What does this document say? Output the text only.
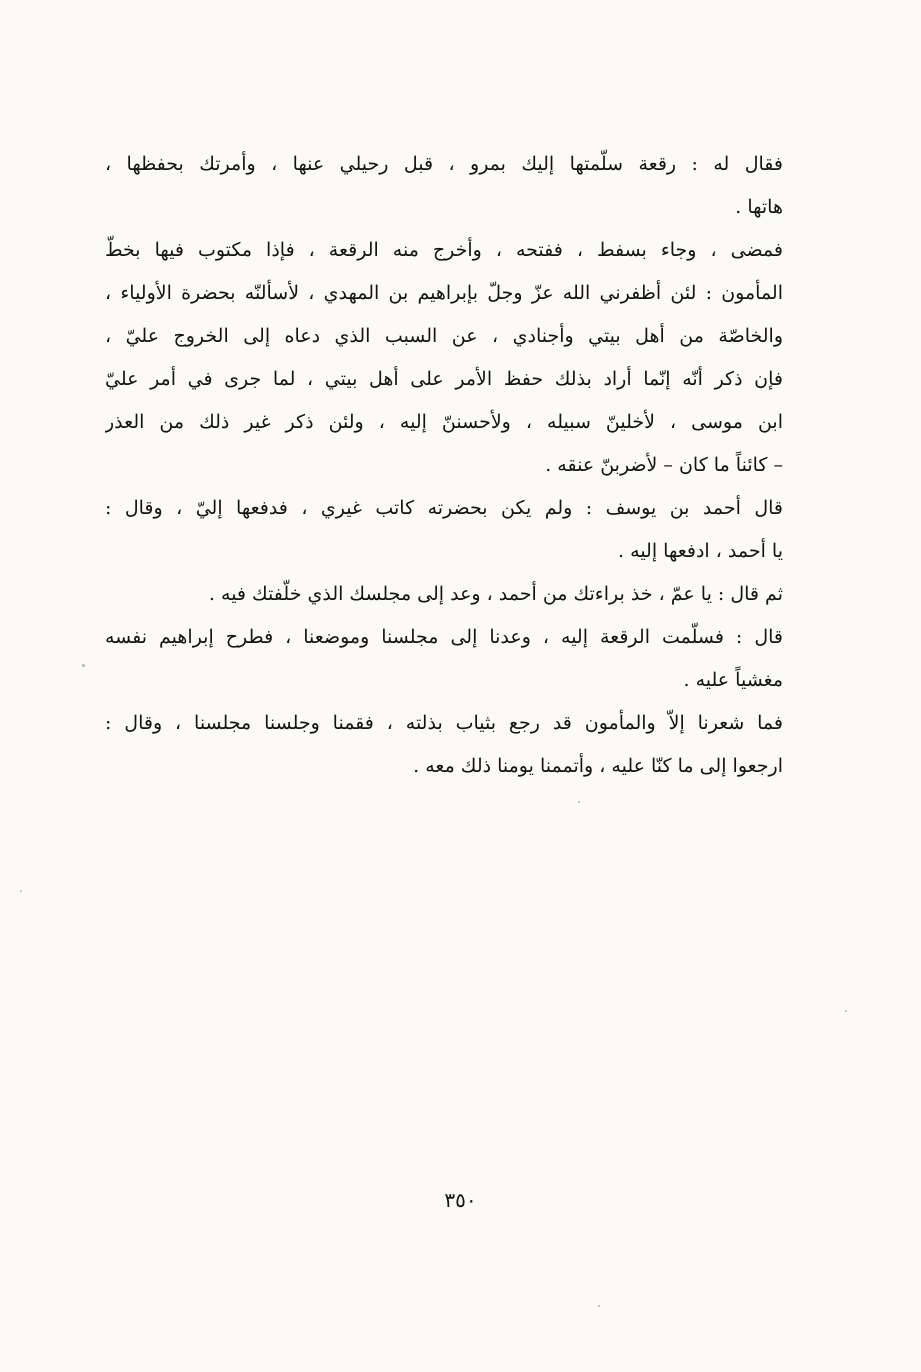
فقال له : رقعة سلّمتها إليك بمرو ، قبل رحيلي عنها ، وأمرتك بحفظها ،
هاتها .
فمضى ، وجاء بسفط ، ففتحه ، وأخرج منه الرقعة ، فإذا مكتوب فيها بخطّ
المأمون : لئن أظفرني الله عزّ وجلّ بإبراهيم بن المهدي ، لأسألنّه بحضرة الأولياء ،
والخاصّة من أهل بيتي وأجنادي ، عن السبب الذي دعاه إلى الخروج عليّ ،
فإن ذكر أنّه إنّما أراد بذلك حفظ الأمر على أهل بيتي ، لما جرى في أمر عليّ
ابن موسى ، لأخلينّ سبيله ، ولأحسننّ إليه ، ولئن ذكر غير ذلك من العذر
– كائناً ما كان – لأضربنّ عنقه .
قال أحمد بن يوسف : ولم يكن بحضرته كاتب غيري ، فدفعها إليّ ، وقال :
يا أحمد ، ادفعها إليه .
ثم قال : يا عمّ ، خذ براءتك من أحمد ، وعد إلى مجلسك الذي خلّفتك فيه .
قال : فسلّمت الرقعة إليه ، وعدنا إلى مجلسنا وموضعنا ، فطرح إبراهيم نفسه
مغشياً عليه .
فما شعرنا إلاّ والمأمون قد رجع بثياب بذلته ، فقمنا وجلسنا مجلسنا ، وقال :
ارجعوا إلى ما كنّا عليه ، وأتممنا يومنا ذلك معه .
٣٥٠
